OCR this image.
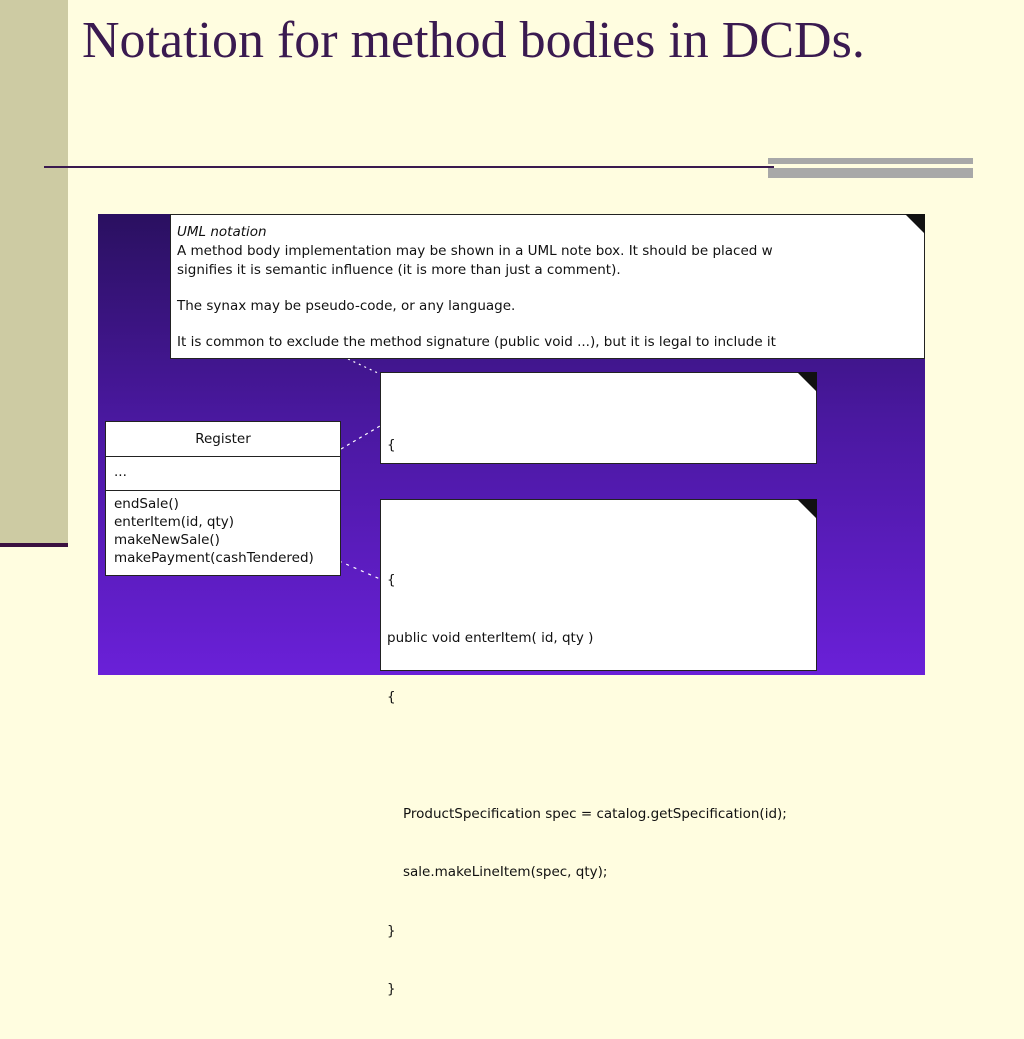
Notation for method bodies in DCDs.

UML notation

A method body implementation may be shown in a UML note box. It should be placed w

signifies it is semantic influence (it is more than just a comment).

The synax may be pseudo-code, or any language.

It is common to exclude the method signature (public void ...), but it is legal to include it

{

{

public void enterItem( id, qty )

{

ProductSpecification spec = catalog.getSpecification(id);

sale.makeLineItem(spec, qty);

}

}

Register
...
endSale()
enterItem(id, qty)
makeNewSale()
makePayment(cashTendered)
